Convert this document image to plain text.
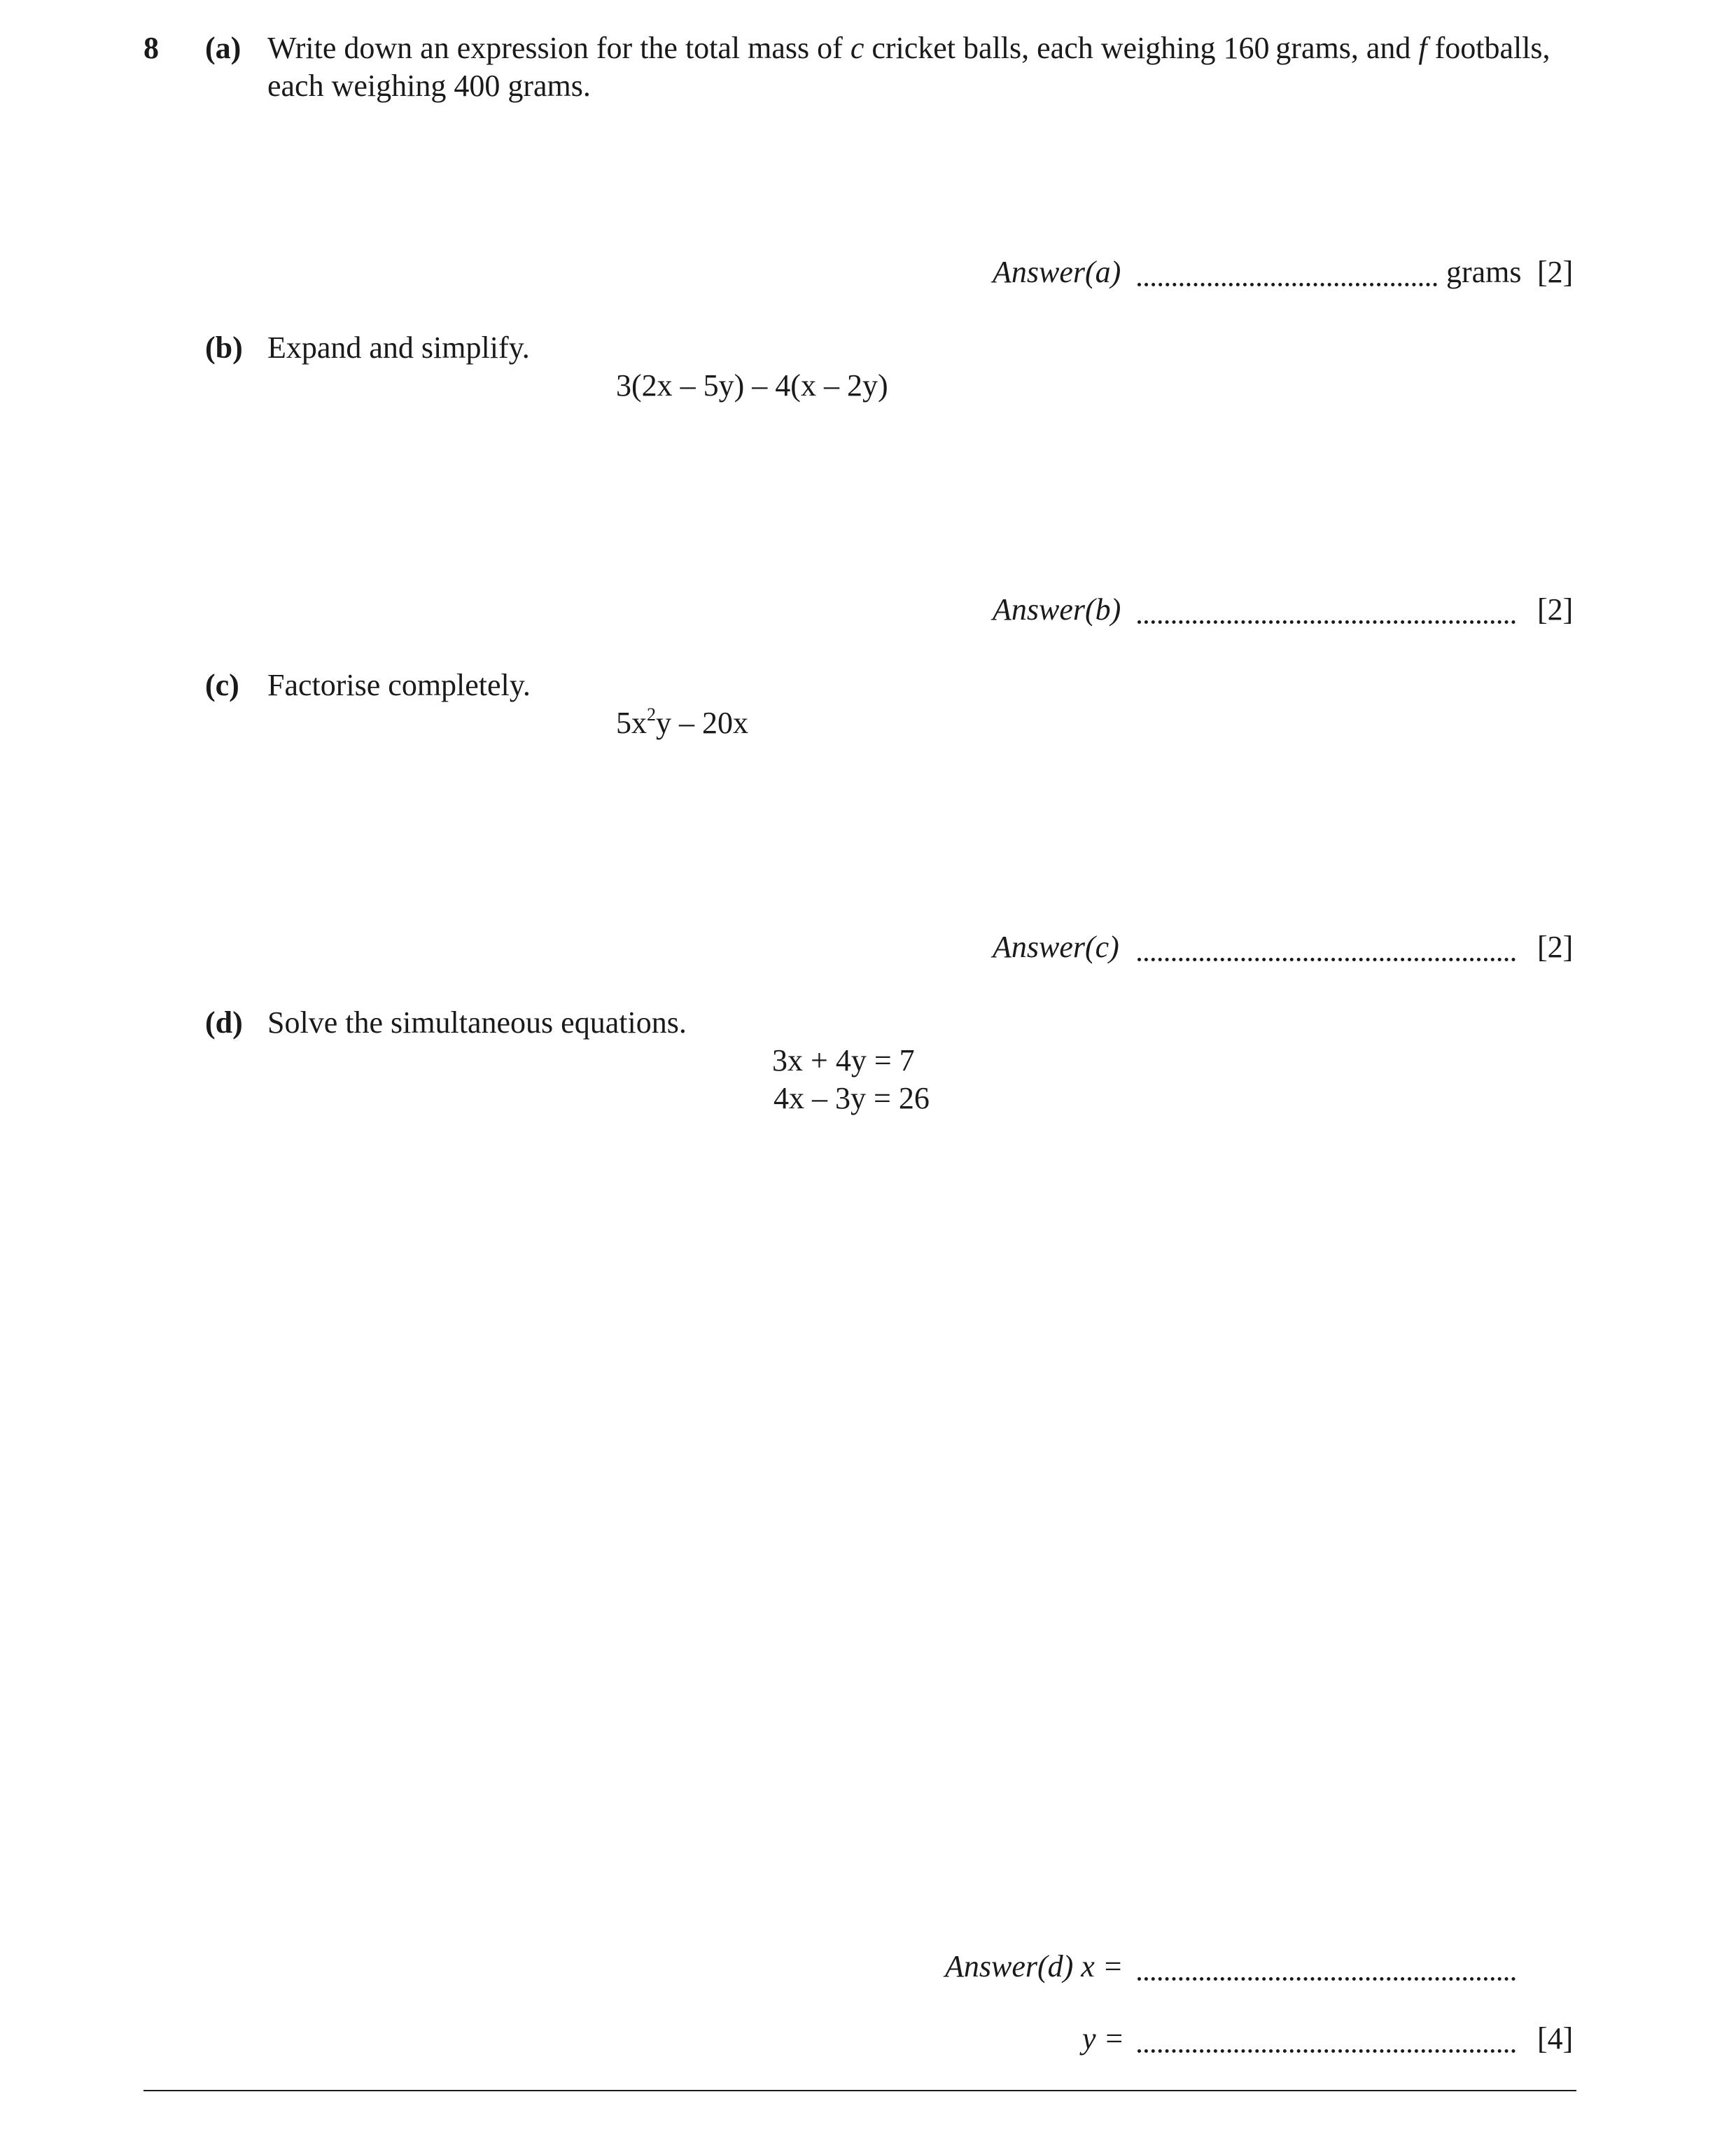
8 (a) Write down an expression for the total mass of c cricket balls, each weighing 160 grams, and f footballs,
each weighing 400 grams.
Answer(a)	grams [2]
(b) Expand and simplify.
3(2x – 5y) – 4(x – 2y)
Answer(b)	[2]
(c) Factorise completely.
$5x^2y - 20x$
Answer(c)	[2]
(d) Solve the simultaneous equations.
3x + 4y = 7
4x – 3y = 26
Answer(d) x =
y =	[4]
